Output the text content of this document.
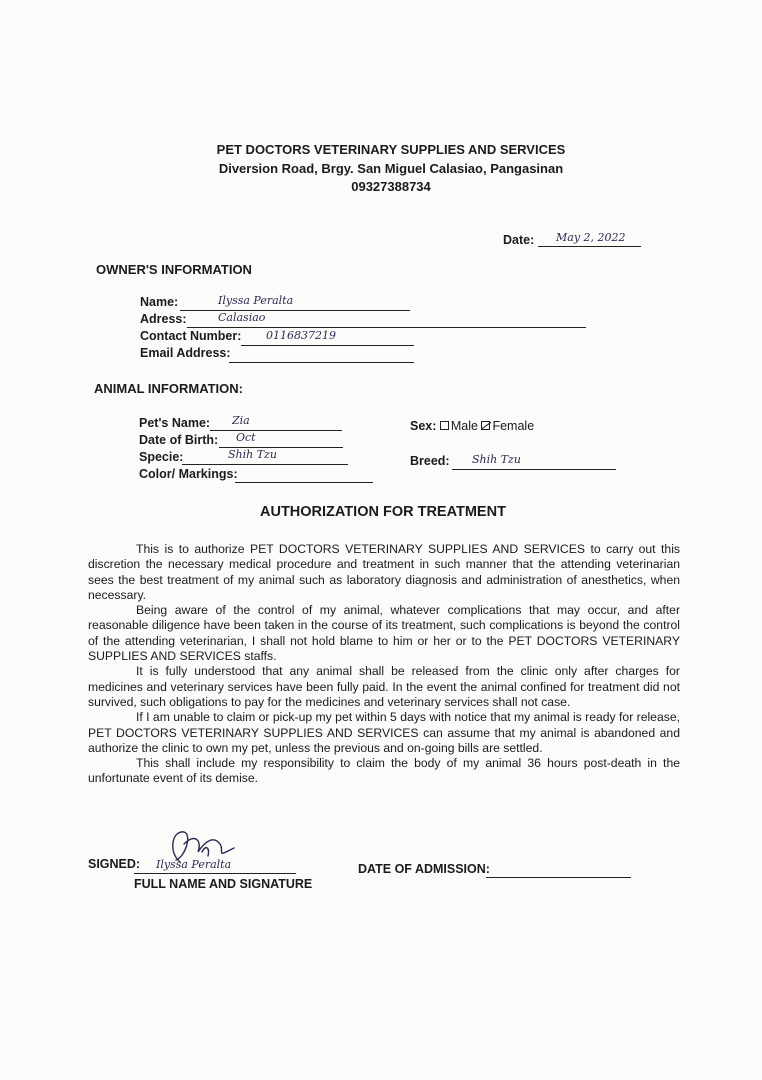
PET DOCTORS VETERINARY SUPPLIES AND SERVICES
Diversion Road, Brgy. San Miguel Calasiao, Pangasinan
09327388734
Date: May 2, 2022
OWNER'S INFORMATION
Name:	Ilyssa Peralta
Adress:	Calasiao
Contact Number: 0116837219
Email Address:
ANIMAL INFORMATION:
Pet's Name: Zia
Date of Birth: Oct
Specie:	Shih Tzu
Color/ Markings:
Sex: Male Female
Breed: Shih Tzu
AUTHORIZATION FOR TREATMENT

This is to authorize PET DOCTORS VETERINARY SUPPLIES AND SERVICES to carry out this discretion the necessary medical procedure and treatment in such manner that the attending veterinarian sees the best treatment of my animal such as laboratory diagnosis and administration of anesthetics, when necessary.

Being aware of the control of my animal, whatever complications that may occur, and after reasonable diligence have been taken in the course of its treatment, such complications is beyond the control of the attending veterinarian, I shall not hold blame to him or her or to the PET DOCTORS VETERINARY SUPPLIES AND SERVICES staffs.

It is fully understood that any animal shall be released from the clinic only after charges for medicines and veterinary services have been fully paid. In the event the animal confined for treatment did not survived, such obligations to pay for the medicines and veterinary services shall not case.

If I am unable to claim or pick-up my pet within 5 days with notice that my animal is ready for release, PET DOCTORS VETERINARY SUPPLIES AND SERVICES can assume that my animal is abandoned and authorize the clinic to own my pet, unless the previous and on-going bills are settled.

This shall include my responsibility to claim the body of my animal 36 hours post-death in the unfortunate event of its demise.

SIGNED: Ilyssa Peralta
FULL NAME AND SIGNATURE
DATE OF ADMISSION:
